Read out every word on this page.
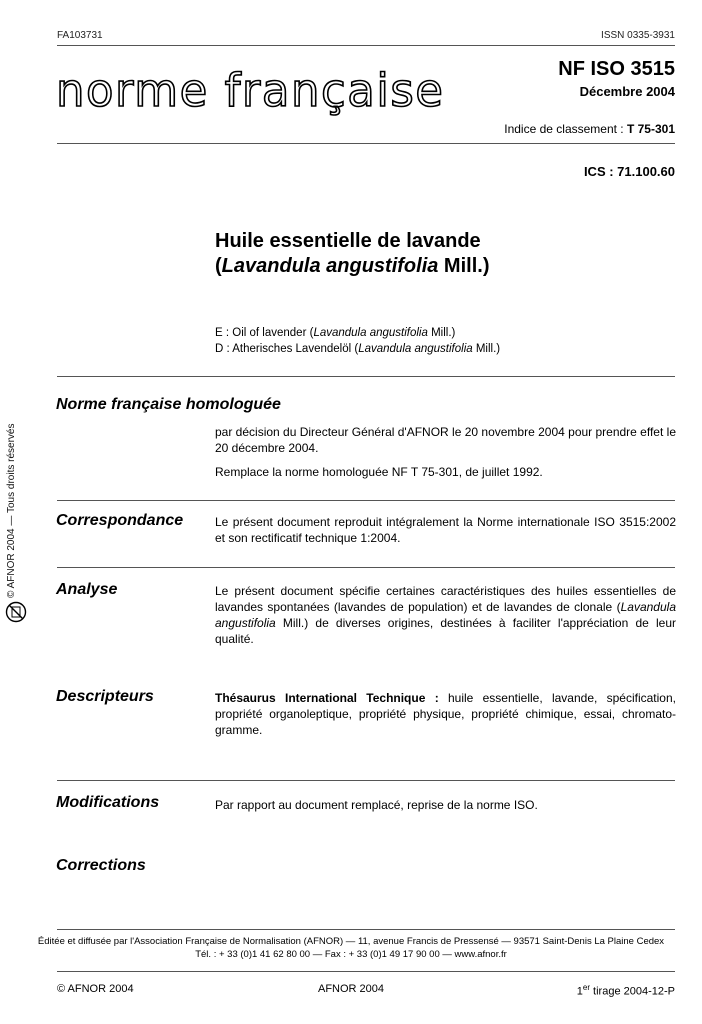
FA103731	ISSN 0335-3931
norme française	NF ISO 3515
Décembre 2004
Indice de classement : T 75-301
ICS : 71.100.60
Huile essentielle de lavande
(Lavandula angustifolia Mill.)
E : Oil of lavender (Lavandula angustifolia Mill.)
D : Atherisches Lavendelöl (Lavandula angustifolia Mill.)
Norme française homologuée

par décision du Directeur Général d'AFNOR le 20 novembre 2004 pour prendre effet le 20 décembre 2004.

Remplace la norme homologuée NF T 75-301, de juillet 1992.

Correspondance	Le présent document reproduit intégralement la Norme internationale ISO 3515:2002 et son rectificatif technique 1:2004.
Analyse	Le présent document spécifie certaines caractéristiques des huiles essentielles de lavandes spontanées (lavandes de population) et de lavandes de clonale (Lavandula angustifolia Mill.) de diverses origines, destinées à faciliter l'appréciation de leur qualité.
Descripteurs	Thésaurus International Technique : huile essentielle, lavande, spécification, propriété organoleptique, propriété physique, propriété chimique, essai, chromato-gramme.
Modifications	Par rapport au document remplacé, reprise de la norme ISO.
Corrections
© AFNOR 2004 — Tous droits réservés
Éditée et diffusée par l'Association Française de Normalisation (AFNOR) — 11, avenue Francis de Pressensé — 93571 Saint-Denis La Plaine Cedex
Tél. : + 33 (0)1 41 62 80 00 — Fax : + 33 (0)1 49 17 90 00 — www.afnor.fr
© AFNOR 2004	AFNOR 2004	1er tirage 2004-12-P
